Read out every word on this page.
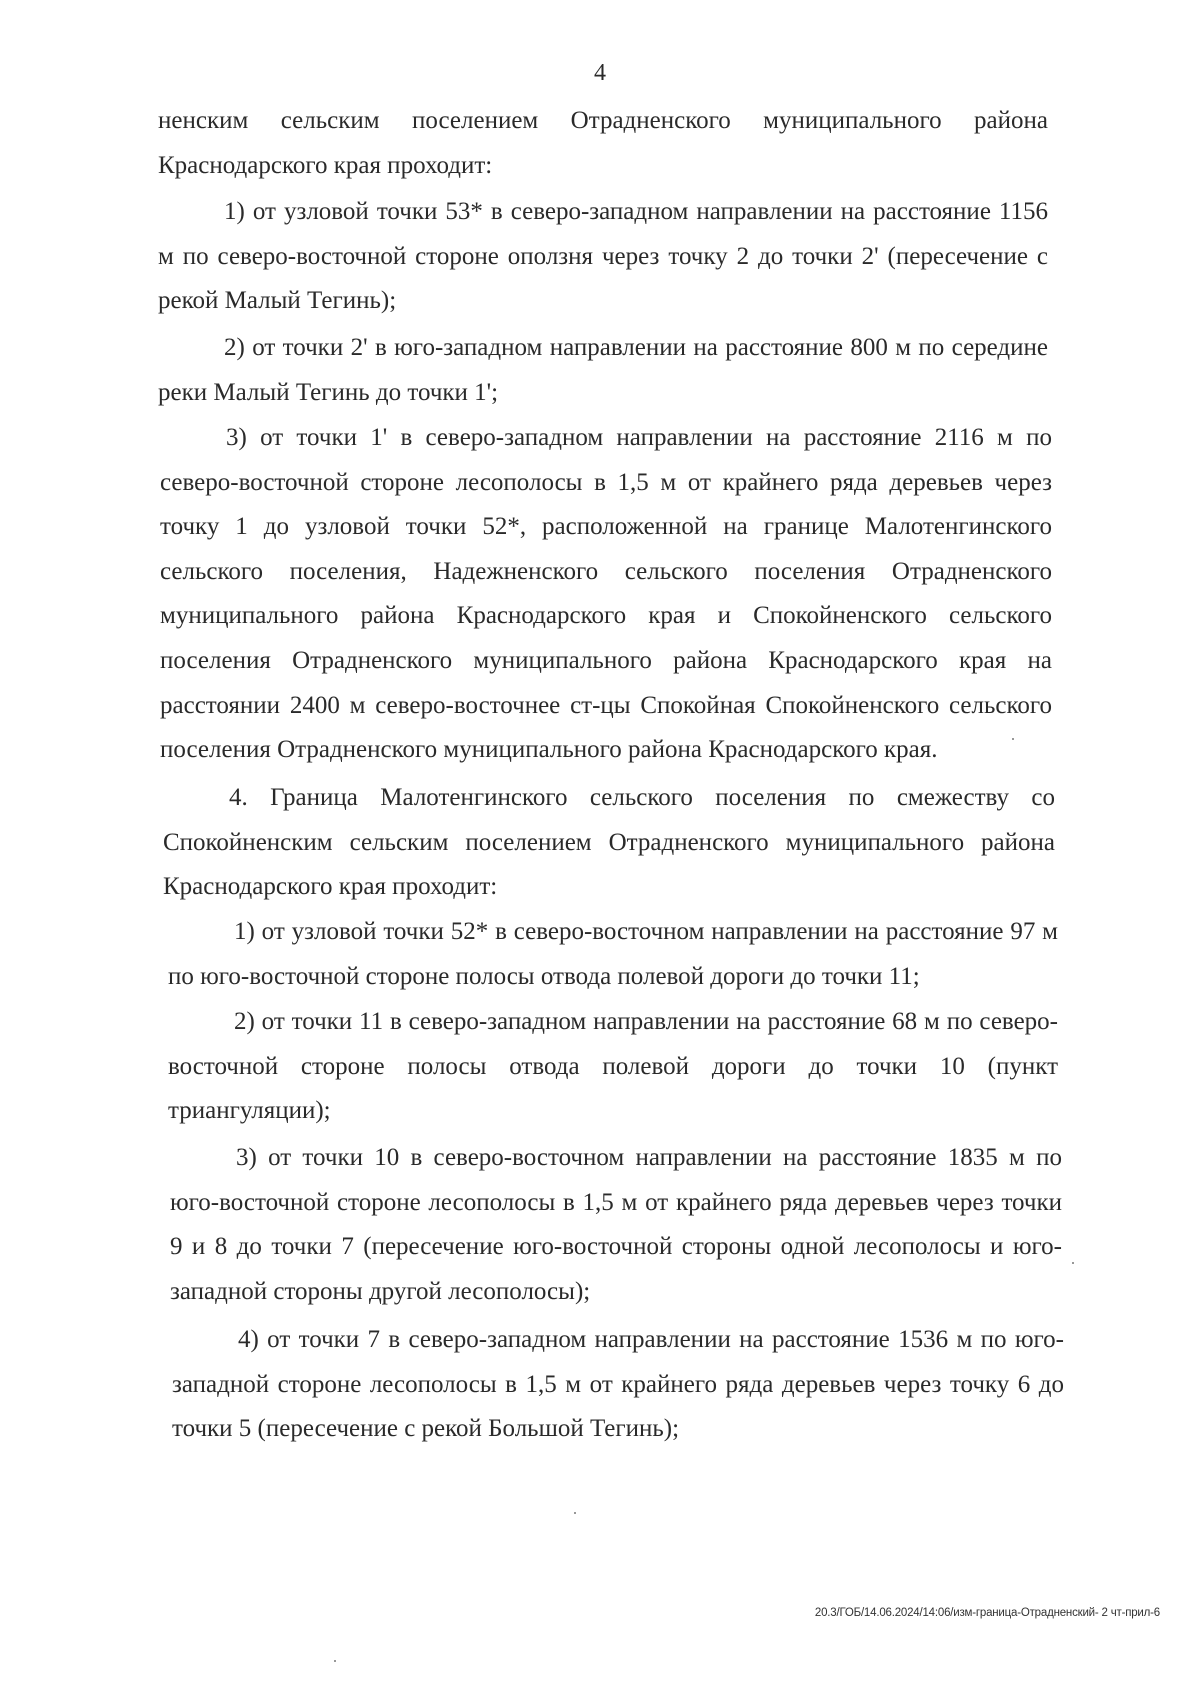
4
ненским сельским поселением Отрадненского муниципального района Краснодарского края проходит:
1) от узловой точки 53* в северо-западном направлении на расстояние 1156 м по северо-восточной стороне оползня через точку 2 до точки 2' (пересечение с рекой Малый Тегинь);
2) от точки 2' в юго-западном направлении на расстояние 800 м по середине реки Малый Тегинь до точки 1';
3) от точки 1' в северо-западном направлении на расстояние 2116 м по северо-восточной стороне лесополосы в 1,5 м от крайнего ряда деревьев через точку 1 до узловой точки 52*, расположенной на границе Малотенгинского сельского поселения, Надежненского сельского поселения Отрадненского муниципального района Краснодарского края и Спокойненского сельского поселения Отрадненского муниципального района Краснодарского края на расстоянии 2400 м северо-восточнее ст-цы Спокойная Спокойненского сельского поселения Отрадненского муниципального района Краснодарского края.
4. Граница Малотенгинского сельского поселения по смежеству со Спокойненским сельским поселением Отрадненского муниципального района Краснодарского края проходит:
1) от узловой точки 52* в северо-восточном направлении на расстояние 97 м по юго-восточной стороне полосы отвода полевой дороги до точки 11;
2) от точки 11 в северо-западном направлении на расстояние 68 м по северо-восточной стороне полосы отвода полевой дороги до точки 10 (пункт триангуляции);
3) от точки 10 в северо-восточном направлении на расстояние 1835 м по юго-восточной стороне лесополосы в 1,5 м от крайнего ряда деревьев через точки 9 и 8 до точки 7 (пересечение юго-восточной стороны одной лесополосы и юго-западной стороны другой лесополосы);
4) от точки 7 в северо-западном направлении на расстояние 1536 м по юго-западной стороне лесополосы в 1,5 м от крайнего ряда деревьев через точку 6 до точки 5 (пересечение с рекой Большой Тегинь);
20.3/ГОБ/14.06.2024/14:06/изм-граница-Отрадненский- 2 чт-прил-6
